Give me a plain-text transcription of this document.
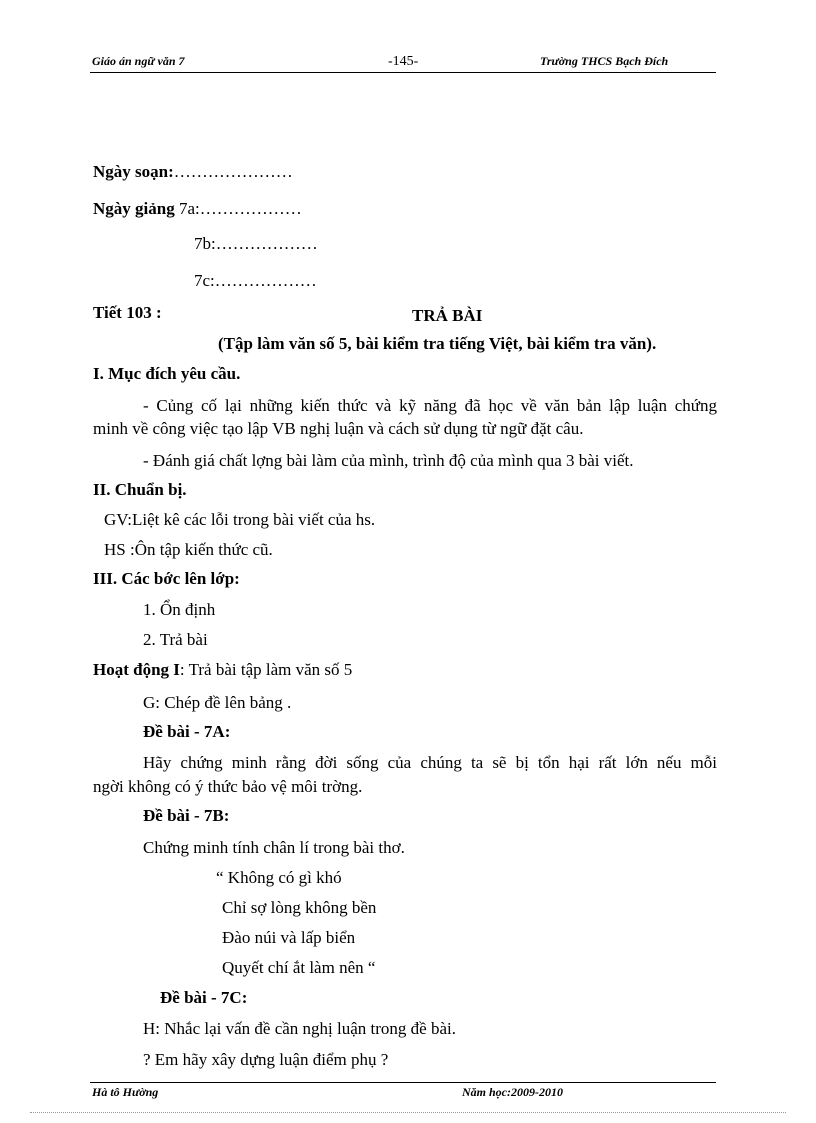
Giáo án ngữ văn 7	-145-	Trường THCS Bạch Đích
Ngày soạn:…………………
Ngày giảng 7a:………………
7b:………………
7c:………………
Tiết 103 :	TRẢ BÀI
(Tập làm văn số 5, bài kiểm tra tiếng Việt, bài kiểm tra văn).
I. Mục đích yêu cầu.
- Củng cố lại những kiến thức và kỹ năng đã học về văn bản lập luận chứng
minh về công việc tạo lập VB nghị luận và cách sử dụng từ ngữ đặt câu.
- Đánh giá chất lợng bài làm của mình, trình độ của mình qua 3 bài viết.
II. Chuẩn bị.
GV:Liệt kê các lỗi trong bài viết của hs.
HS :Ôn tập kiến thức cũ.
III. Các bớc lên lớp:
1. Ổn định
2. Trả bài
Hoạt động I: Trả bài tập làm văn số 5
G: Chép đề lên bảng .
Đề bài - 7A:
Hãy chứng minh rằng đời sống của chúng ta sẽ bị tổn hại rất lớn nếu mỗi
ngời không có ý thức bảo vệ môi trờng.
Đề bài - 7B:
Chứng minh tính chân lí trong bài thơ.
“ Không có gì khó
Chỉ sợ lòng không bền
Đào núi và lấp biển
Quyết chí ắt làm nên “
Đề bài - 7C:
H: Nhắc lại vấn đề cần nghị luận trong đề bài.
? Em hãy xây dựng luận điểm phụ ?
Hà tô Hường	Năm học:2009-2010
